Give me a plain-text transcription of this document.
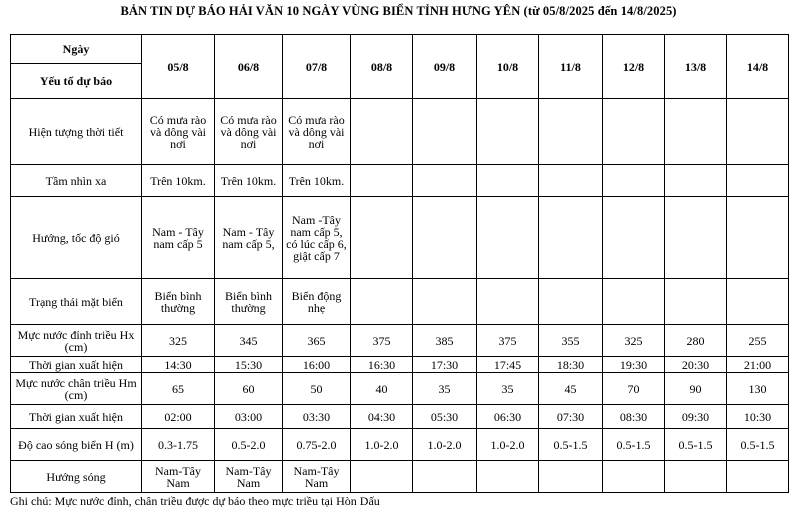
BẢN TIN DỰ BÁO HẢI VĂN 10 NGÀY VÙNG BIỂN TỈNH HƯNG YÊN (từ 05/8/2025 đến 14/8/2025)
Ngày	05/8	06/8	07/8	08/8	09/8	10/8	11/8	12/8	13/8	14/8
Yếu tố dự báo										
Hiện tượng thời tiết	Có mưa rào và dông vài nơi	Có mưa rào và dông vài nơi	Có mưa rào và dông vài nơi							
Tầm nhìn xa	Trên 10km.	Trên 10km.	Trên 10km.							
Hướng, tốc độ gió	Nam - Tây nam cấp 5	Nam - Tây nam cấp 5,	Nam -Tây nam cấp 5, có lúc cấp 6, giật cấp 7							
Trạng thái mặt biển	Biển bình thường	Biển bình thường	Biển động nhẹ							
Mực nước đỉnh triều Hx (cm)	325	345	365	375	385	375	355	325	280	255
Thời gian xuất hiện	14:30	15:30	16:00	16:30	17:30	17:45	18:30	19:30	20:30	21:00
Mực nước chân triều Hm (cm)	65	60	50	40	35	35	45	70	90	130
Thời gian xuất hiện	02:00	03:00	03:30	04:30	05:30	06:30	07:30	08:30	09:30	10:30
Độ cao sóng biển H (m)	0.3-1.75	0.5-2.0	0.75-2.0	1.0-2.0	1.0-2.0	1.0-2.0	0.5-1.5	0.5-1.5	0.5-1.5	0.5-1.5
Hướng sóng	Nam-Tây Nam	Nam-Tây Nam	Nam-Tây Nam							
Ghi chú: Mực nước đỉnh, chân triều được dự báo theo mực triều tại Hòn Dấu
